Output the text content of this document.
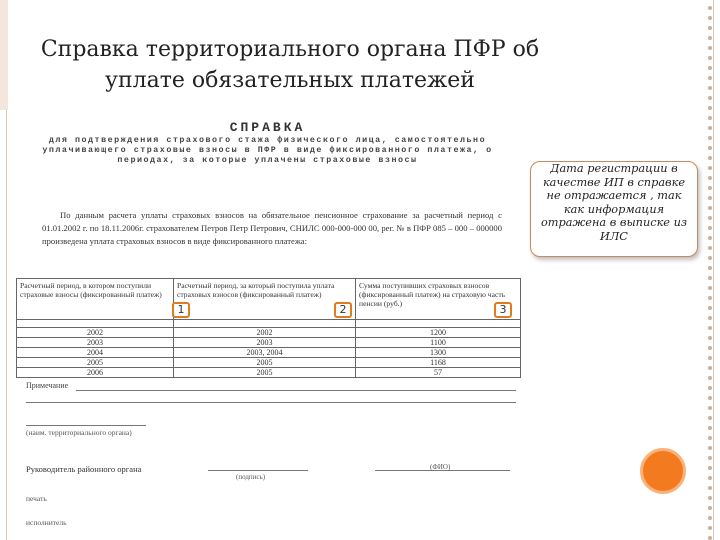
Справка территориального органа ПФР об уплате обязательных платежей
СПРАВКА
для подтверждения страхового стажа физического лица, самостоятельно уплачивающего страховые взносы в ПФР в виде фиксированного платежа, о периодах, за которые уплачены страховые взносы
По данным расчета уплаты страховых взносов на обязательное пенсионное страхование за расчетный период с 01.01.2002 г. по 18.11.2006г. страхователем Петров Петр Петрович, СНИЛС 000-000-000 00, рег. № в ПФР 085 – 000 – 000000 произведена уплата страховых взносов в виде фиксированного платежа:
Расчетный период, в котором поступили страховые взносы (фиксированный платеж)	Расчетный период, за который поступила уплата страховых взносов (фиксированный платеж)	Сумма поступивших страховых взносов (фиксированный платеж) на страховую часть пенсии (руб.)

2002	2002	1200
2003	2003	1100
2004	2003, 2004	1300
2005	2005	1168
2006	2005	57
1	2	3
Примечание
(наим. территориального органа)
Руководитель районного органа
(подпись)
(ФИО)
печать
исполнитель
Дата регистрации в качестве ИП в справке не отражается , так как информация отражена в выписке из ИЛС
